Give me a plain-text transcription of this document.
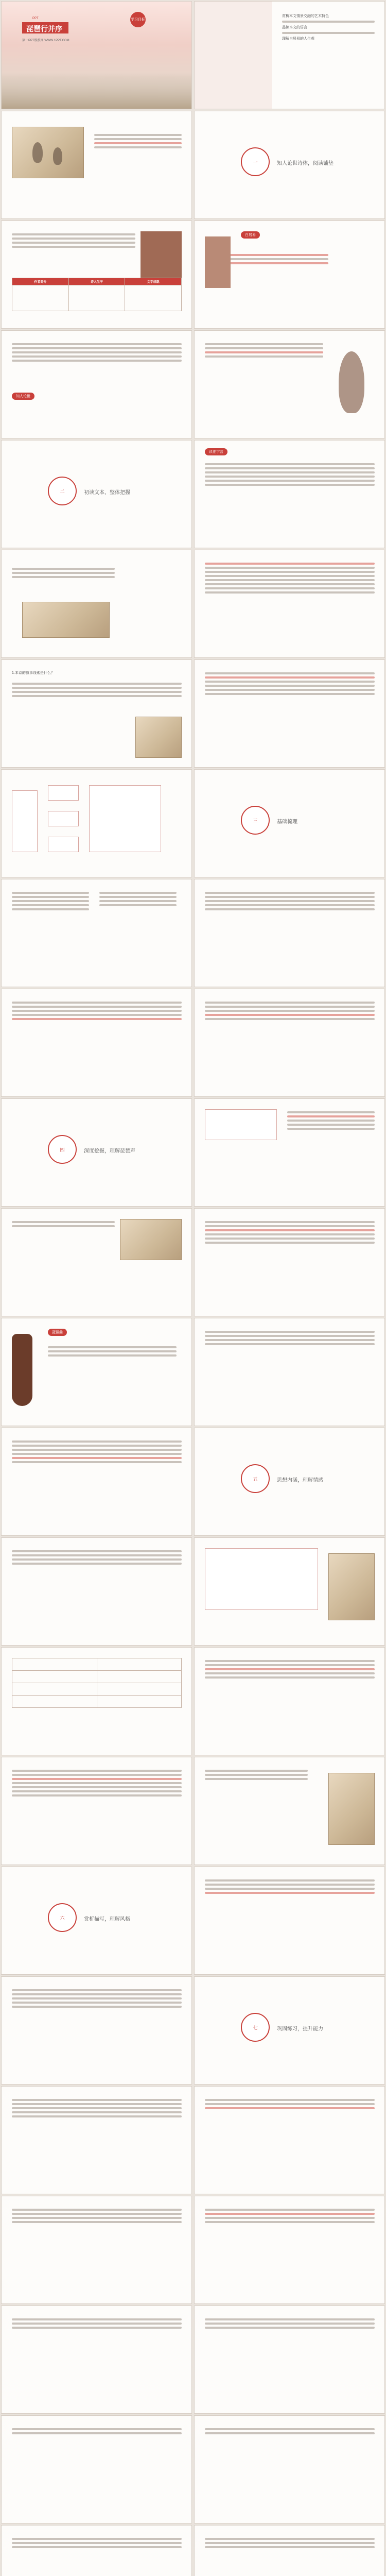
琵琶行并序
PPT
第一PPT模板网 WWW.1PPT.COM
学习目标
赏析本文情景交融的艺术特色
品读本文的语言
理解白居易的人生观
一	知人论世诗体，阅读铺垫
作者简介	诗人生平	文学成就

白居易
知人论世
二	初读文本，整体把握
读准字音
1.本诗的叙事线索是什么？
三	基础梳理
四	深度挖掘，理解琵琶声
琵琶曲
五	思想内涵，理解情感

六	赏析描写，理解风格
七	巩固练习，提升能力
